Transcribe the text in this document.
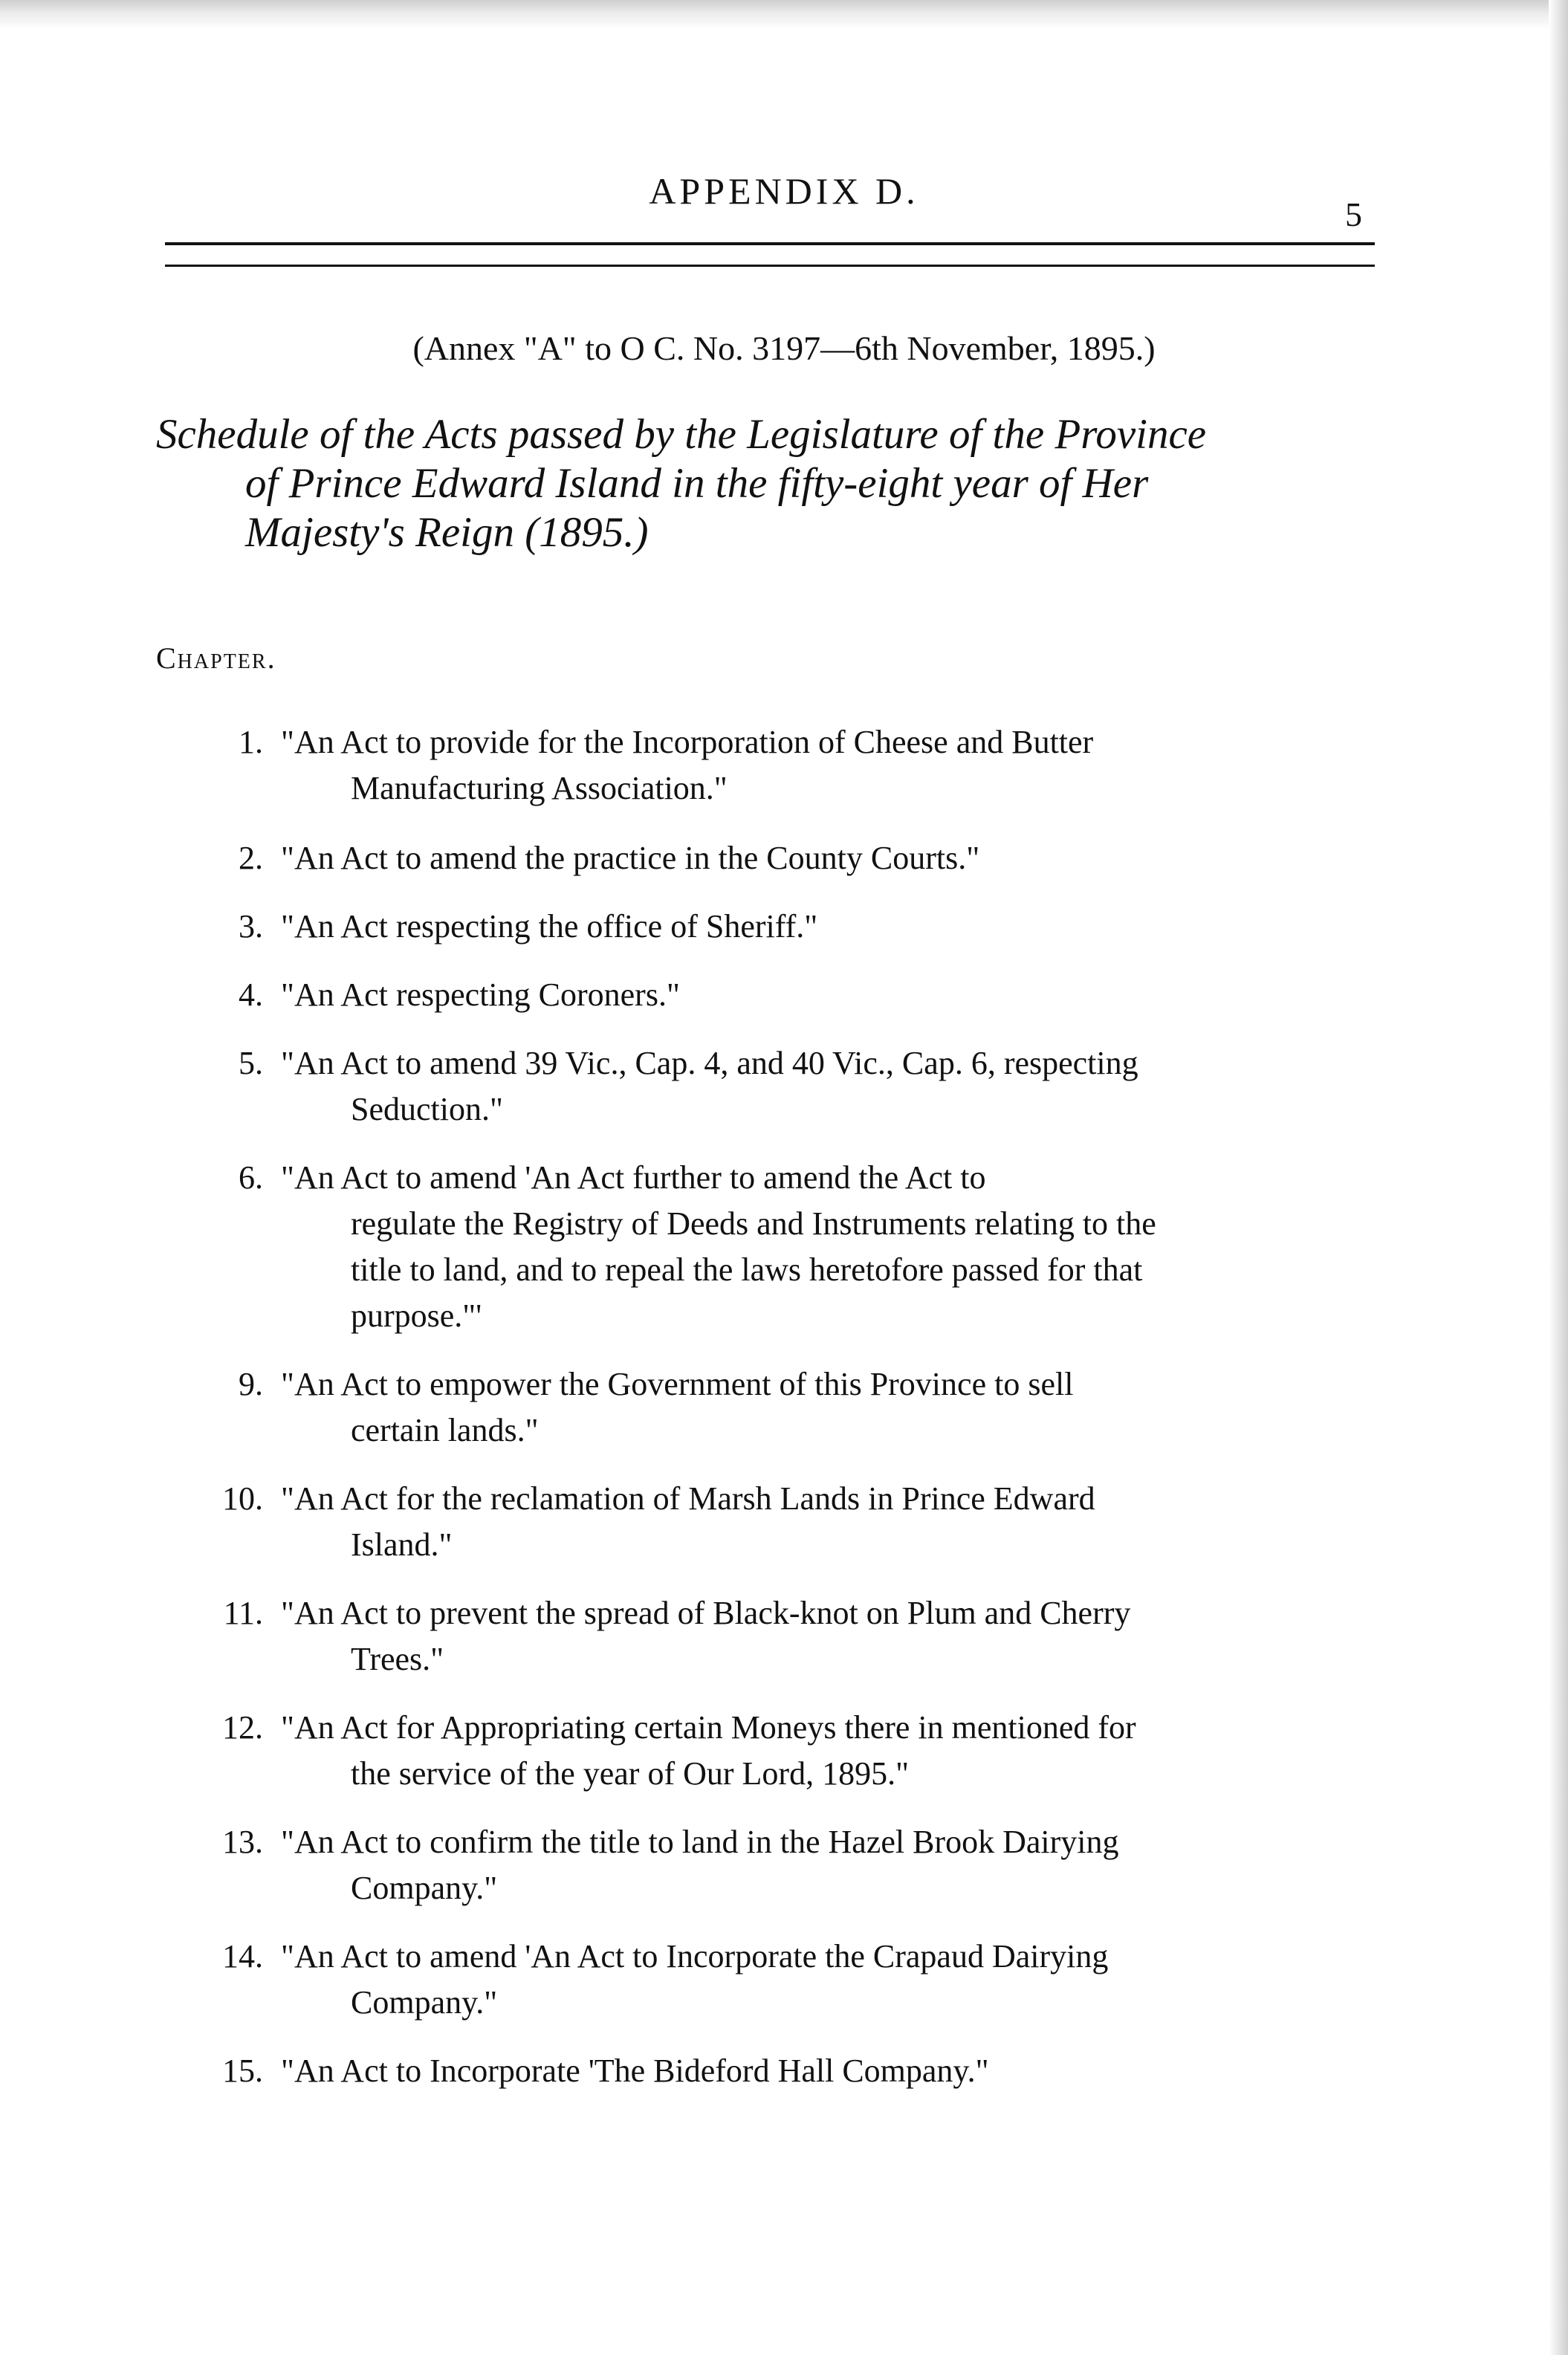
APPENDIX D.
5
(Annex "A" to O C. No. 3197—6th November, 1895.)
Schedule of the Acts passed by the Legislature of the Province
of Prince Edward Island in the fifty-eight year of Her
Majesty's Reign (1895.)
Chapter.
1. "An Act to provide for the Incorporation of Cheese and Butter
Manufacturing Association."
2. "An Act to amend the practice in the County Courts."
3. "An Act respecting the office of Sheriff."
4. "An Act respecting Coroners."
5. "An Act to amend 39 Vic., Cap. 4, and 40 Vic., Cap. 6, respecting
Seduction."
6. "An Act to amend 'An Act further to amend the Act to
regulate the Registry of Deeds and Instruments relating to the
title to land, and to repeal the laws heretofore passed for that
purpose."'
9. "An Act to empower the Government of this Province to sell
certain lands."
10. "An Act for the reclamation of Marsh Lands in Prince Edward
Island."
11. "An Act to prevent the spread of Black-knot on Plum and Cherry
Trees."
12. "An Act for Appropriating certain Moneys there in mentioned for
the service of the year of Our Lord, 1895."
13. "An Act to confirm the title to land in the Hazel Brook Dairying
Company."
14. "An Act to amend 'An Act to Incorporate the Crapaud Dairying
Company."
15. "An Act to Incorporate 'The Bideford Hall Company."
